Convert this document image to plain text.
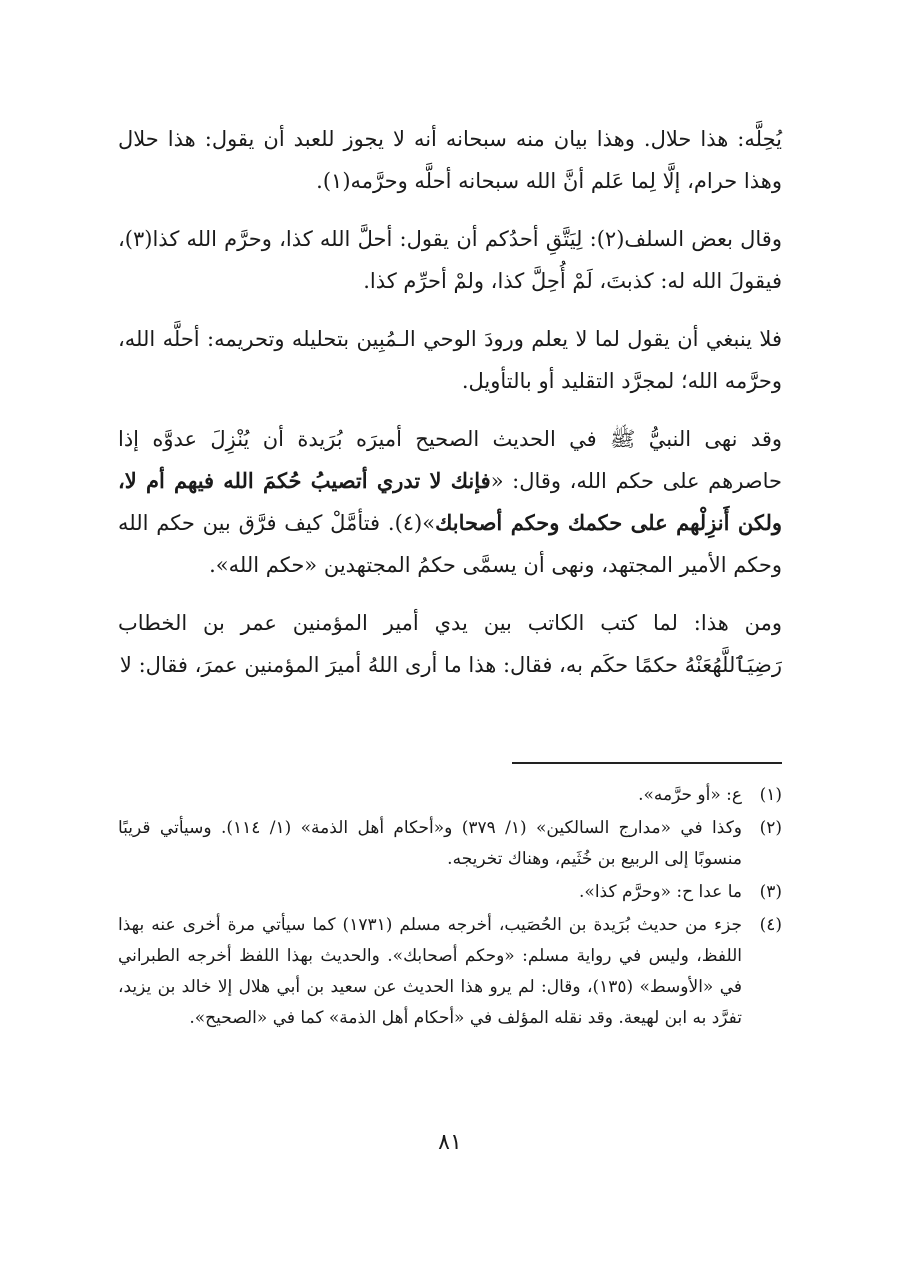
يُحِلَّه: هذا حلال. وهذا بيان منه سبحانه أنه لا يجوز للعبد أن يقول: هذا حلال وهذا حرام، إلَّا لِما عَلم أنَّ الله سبحانه أحلَّه وحرَّمه(١).

وقال بعض السلف(٢): لِيَتَّقِ أحدُكم أن يقول: أحلَّ الله كذا، وحرَّم الله كذا(٣)، فيقولَ الله له: كذبتَ، لَمْ أُحِلَّ كذا، ولمْ أحرِّم كذا.

فلا ينبغي أن يقول لما لا يعلم ورودَ الوحي الـمُبِين بتحليله وتحريمه: أحلَّه الله، وحرَّمه الله؛ لمجرَّد التقليد أو بالتأويل.

وقد نهى النبيُّ ﷺ في الحديث الصحيح أميرَه بُرَيدة أن يُنْزِلَ عدوَّه إذا حاصرهم على حكم الله، وقال: «فإنك لا تدري أتصيبُ حُكمَ الله فيهم أم لا، ولكن أَنزِلْهم على حكمك وحكم أصحابك»(٤). فتأمَّلْ كيف فرَّق بين حكم الله وحكم الأمير المجتهد، ونهى أن يسمَّى حكمُ المجتهدين «حكم الله».

ومن هذا: لما كتب الكاتب بين يدي أمير المؤمنين عمر بن الخطاب رَضِيَٱللَّهُعَنْهُ حكمًا حكَم به، فقال: هذا ما أرى اللهُ أميرَ المؤمنين عمرَ، فقال: لا

(١)
ع: «أو حرَّمه».
(٢)
وكذا في «مدارج السالكين» (١/ ٣٧٩) و«أحكام أهل الذمة» (١/ ١١٤). وسيأتي قريبًا منسوبًا إلى الربيع بن خُثَيم، وهناك تخريجه.
(٣)
ما عدا ح: «وحرَّم كذا».
(٤)
جزء من حديث بُرَيدة بن الحُصَيب، أخرجه مسلم (١٧٣١) كما سيأتي مرة أخرى عنه بهذا اللفظ، وليس في رواية مسلم: «وحكم أصحابك». والحديث بهذا اللفظ أخرجه الطبراني في «الأوسط» (١٣٥)، وقال: لم يرو هذا الحديث عن سعيد بن أبي هلال إلا خالد بن يزيد، تفرَّد به ابن لهيعة. وقد نقله المؤلف في «أحكام أهل الذمة» كما في «الصحيح».
٨١
